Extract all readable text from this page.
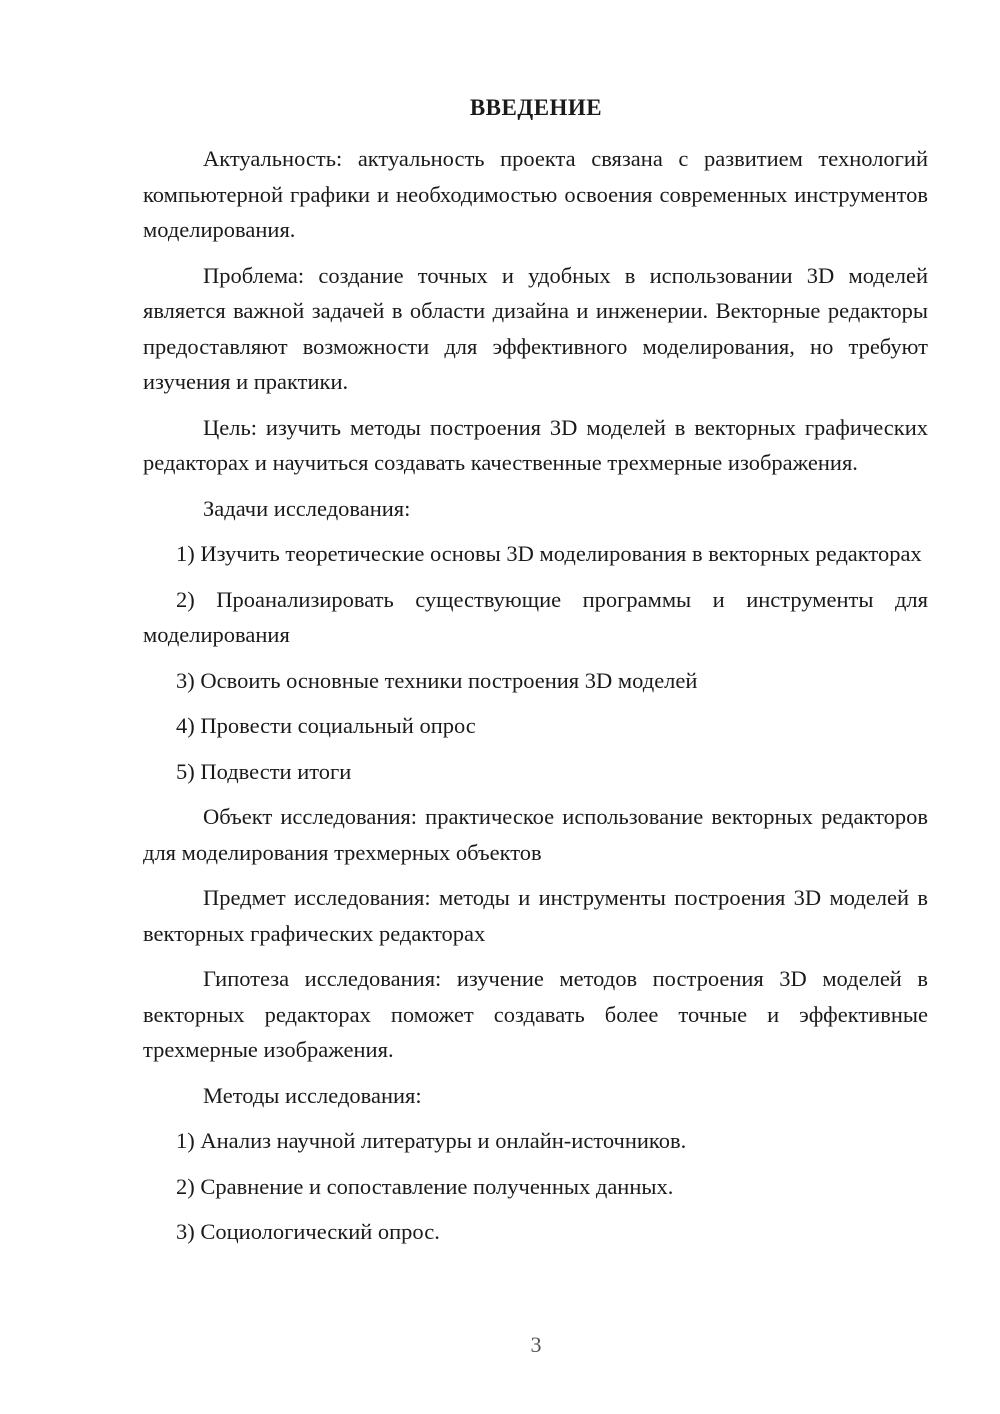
ВВЕДЕНИЕ

Актуальность: актуальность проекта связана с развитием технологий компьютерной графики и необходимостью освоения современных инструментов моделирования.

Проблема: создание точных и удобных в использовании 3D моделей является важной задачей в области дизайна и инженерии. Векторные редакторы предоставляют возможности для эффективного моделирования, но требуют изучения и практики.

Цель: изучить методы построения 3D моделей в векторных графических редакторах и научиться создавать качественные трехмерные изображения.

Задачи исследования:

1) Изучить теоретические основы 3D моделирования в векторных редакторах

2) Проанализировать существующие программы и инструменты для моделирования

3) Освоить основные техники построения 3D моделей

4) Провести социальный опрос

5) Подвести итоги

Объект исследования: практическое использование векторных редакторов для моделирования трехмерных объектов

Предмет исследования: методы и инструменты построения 3D моделей в векторных графических редакторах

Гипотеза исследования: изучение методов построения 3D моделей в векторных редакторах поможет создавать более точные и эффективные трехмерные изображения.

Методы исследования:

1) Анализ научной литературы и онлайн-источников.

2) Сравнение и сопоставление полученных данных.

3) Социологический опрос.

3
